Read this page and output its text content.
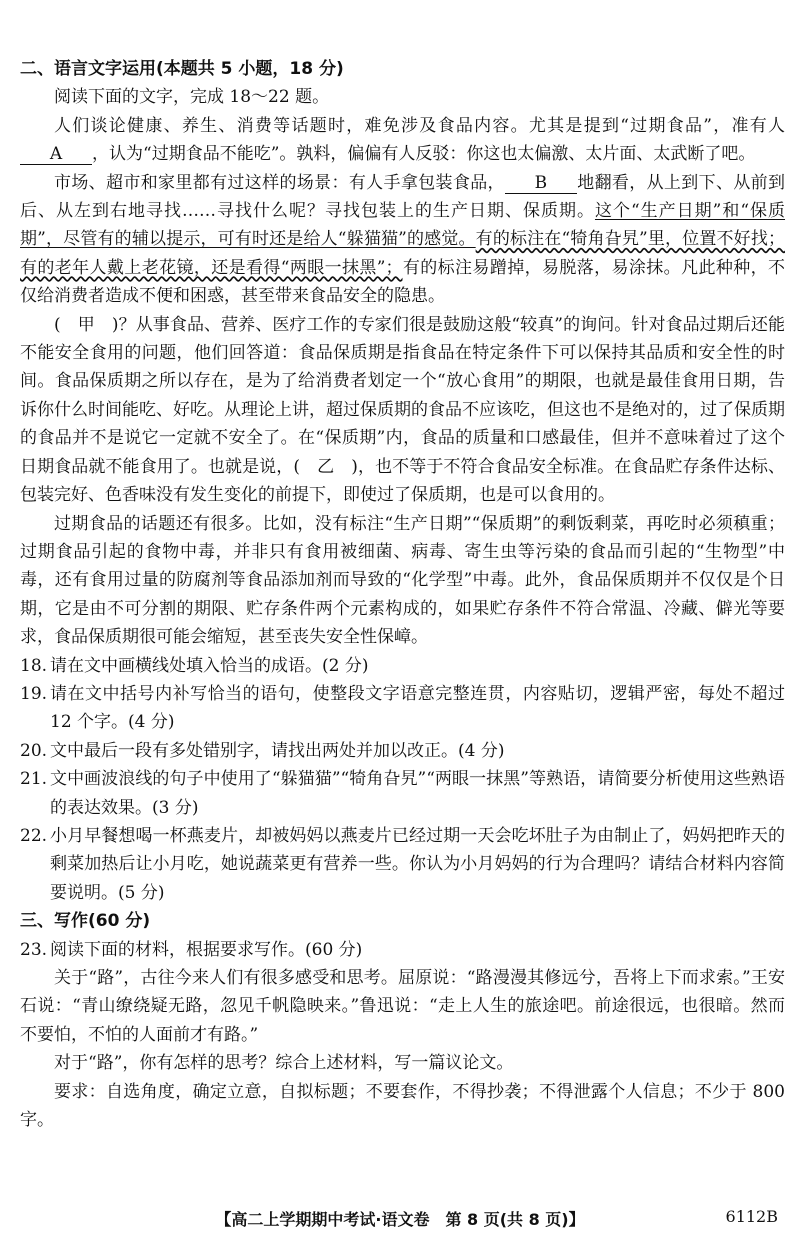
二、语言文字运用(本题共 5 小题，18 分)

阅读下面的文字，完成 18～22 题。

人们谈论健康、养生、消费等话题时，难免涉及食品内容。尤其是提到“过期食品”，准有人A ，认为“过期食品不能吃”。孰料，偏偏有人反驳：你这也太偏激、太片面、太武断了吧。

市场、超市和家里都有过这样的场景：有人手拿包装食品， B 地翻看，从上到下、从前到后、从左到右地寻找……寻找什么呢？寻找包装上的生产日期、保质期。这个“生产日期”和“保质期”，尽管有的辅以提示，可有时还是给人“躲猫猫”的感觉。有的标注在“犄角旮旯”里，位置不好找；有的老年人戴上老花镜，还是看得“两眼一抹黑”；有的标注易蹭掉，易脱落，易涂抹。凡此种种，不仅给消费者造成不便和困惑，甚至带来食品安全的隐患。

(　甲　)？从事食品、营养、医疗工作的专家们很是鼓励这般“较真”的询问。针对食品过期后还能不能安全食用的问题，他们回答道：食品保质期是指食品在特定条件下可以保持其品质和安全性的时间。食品保质期之所以存在，是为了给消费者划定一个“放心食用”的期限，也就是最佳食用日期，告诉你什么时间能吃、好吃。从理论上讲，超过保质期的食品不应该吃，但这也不是绝对的，过了保质期的食品并不是说它一定就不安全了。在“保质期”内，食品的质量和口感最佳，但并不意味着过了这个日期食品就不能食用了。也就是说，(　乙　)，也不等于不符合食品安全标准。在食品贮存条件达标、包装完好、色香味没有发生变化的前提下，即使过了保质期，也是可以食用的。

过期食品的话题还有很多。比如，没有标注“生产日期”“保质期”的剩饭剩菜，再吃时必须稹重；过期食品引起的食物中毒，并非只有食用被细菌、病毒、寄生虫等污染的食品而引起的“生物型”中毒，还有食用过量的防腐剂等食品添加剂而导致的“化学型”中毒。此外，食品保质期并不仅仅是个日期，它是由不可分割的期限、贮存条件两个元素构成的，如果贮存条件不符合常温、冷藏、僻光等要求，食品保质期很可能会缩短，甚至丧失安全性保嶂。

18. 请在文中画横线处填入恰当的成语。(2 分)

19. 请在文中括号内补写恰当的语句，使整段文字语意完整连贯，内容贴切，逻辑严密，每处不超过 12 个字。(4 分)

20. 文中最后一段有多处错别字，请找出两处并加以改正。(4 分)

21. 文中画波浪线的句子中使用了“躲猫猫”“犄角旮旯”“两眼一抹黑”等熟语，请简要分析使用这些熟语的表达效果。(3 分)

22. 小月早餐想喝一杯燕麦片，却被妈妈以燕麦片已经过期一天会吃坏肚子为由制止了，妈妈把昨天的剩菜加热后让小月吃，她说蔬菜更有营养一些。你认为小月妈妈的行为合理吗？请结合材料内容简要说明。(5 分)

三、写作(60 分)

23. 阅读下面的材料，根据要求写作。(60 分)

关于“路”，古往今来人们有很多感受和思考。屈原说：“路漫漫其修远兮，吾将上下而求索。”王安石说：“青山缭绕疑无路，忽见千帆隐映来。”鲁迅说：“走上人生的旅途吧。前途很远，也很暗。然而不要怕，不怕的人面前才有路。”

对于“路”，你有怎样的思考？综合上述材料，写一篇议论文。

要求：自选角度，确定立意，自拟标题；不要套作，不得抄袭；不得泄露个人信息；不少于 800 字。

【高二上学期期中考试·语文卷　第 8 页(共 8 页)】	6112B
